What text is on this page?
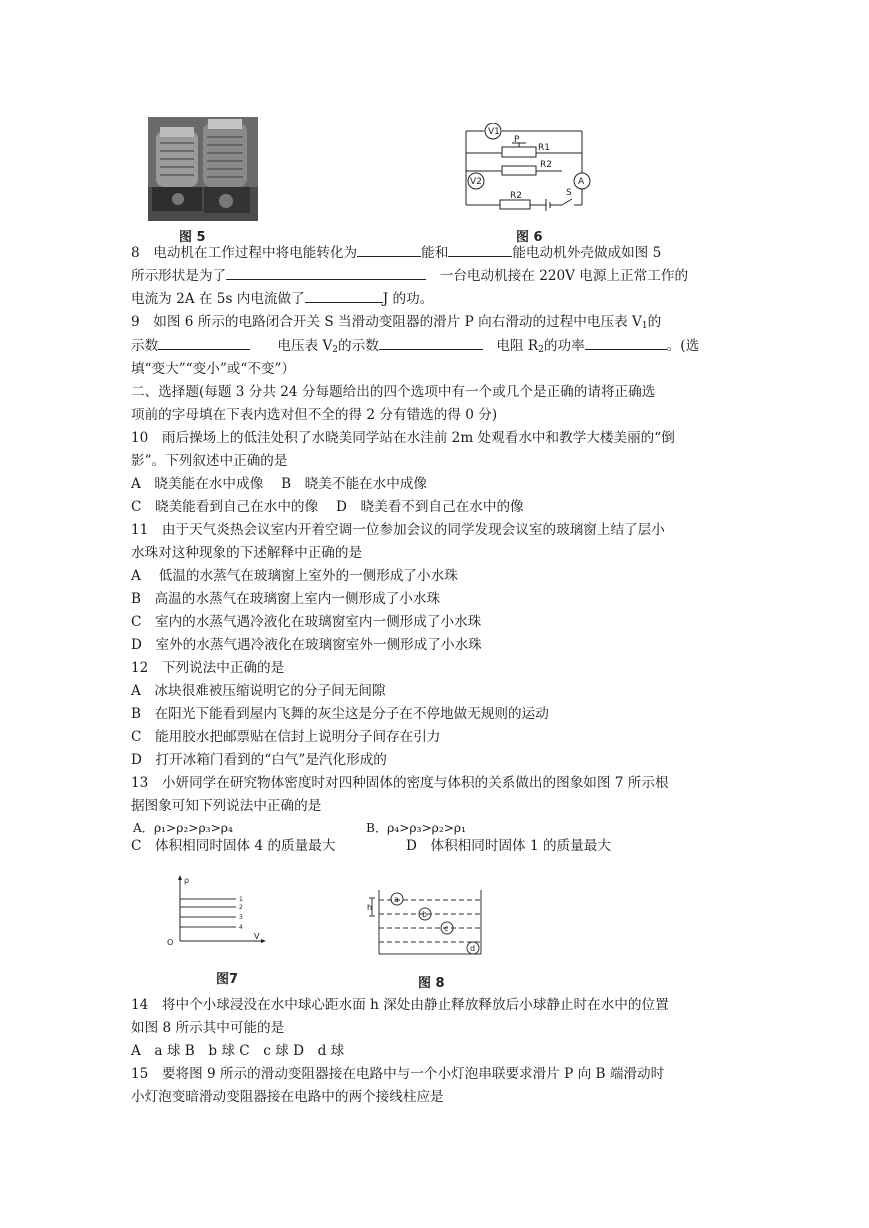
图 5
V1
P
R1
R2
V2
R2	S
A
图 6
8　电动机在工作过程中将电能转化为	能和	能电动机外壳做成如图 5
所示形状是为了　	一台电动机接在 220V 电源上正常工作的
电流为 2A 在 5s 内电流做了	J 的功。
9　如图 6 所示的电路闭合开关 S 当滑动变阻器的滑片 P 向右滑动的过程中电压表 $V_1$的
示数　　	电压表 $V_2$的示数　	电阻 $R_2$的功率	。(选
填“变大”“变小”或“不变”）
二、选择题(每题 3 分共 24 分每题给出的四个选项中有一个或几个是正确的请将正确选
项前的字母填在下表内选对但不全的得 2 分有错选的得 0 分)
10　雨后操场上的低洼处积了水晓美同学站在水洼前 2m 处观看水中和教学大楼美丽的“倒
影”。下列叙述中正确的是
A　晓美能在水中成像　 B　晓美不能在水中成像
C　晓美能看到自己在水中的像　 D　晓美看不到自己在水中的像
11　由于天气炎热会议室内开着空调一位参加会议的同学发现会议室的玻璃窗上结了层小
水珠对这种现象的下述解释中正确的是
A　 低温的水蒸气在玻璃窗上室外的一侧形成了小水珠
B　高温的水蒸气在玻璃窗上室内一侧形成了小水珠
C　室内的水蒸气遇冷液化在玻璃窗室内一侧形成了小水珠
D　室外的水蒸气遇冷液化在玻璃窗室外一侧形成了小水珠
12　下列说法中正确的是
A　冰块很难被压缩说明它的分子间无间隙
B　在阳光下能看到屋内飞舞的灰尘这是分子在不停地做无规则的运动
C　能用胶水把邮票贴在信封上说明分子间存在引力
D　打开冰箱门看到的“白气”是汽化形成的
13　小妍同学在研究物体密度时对四种固体的密度与体积的关系做出的图象如图 7 所示根
据图象可知下列说法中正确的是
A．ρ₁>ρ₂>ρ₃>ρ₄	B．ρ₄>ρ₃>ρ₂>ρ₁
C　体积相同时固体 4 的质量最大	D　体积相同时固体 1 的质量最大
ρ
O
V
1
2
3
4
图7
h
a
b
c
d
图 8
14　将中个小球浸没在水中球心距水面 h 深处由静止释放释放后小球静止时在水中的位置
如图 8 所示其中可能的是
A　a 球 B　b 球 C　c 球 D　d 球
15　要将图 9 所示的滑动变阻器接在电路中与一个小灯泡串联要求滑片 P 向 B 端滑动时
小灯泡变暗滑动变阻器接在电路中的两个接线柱应是
